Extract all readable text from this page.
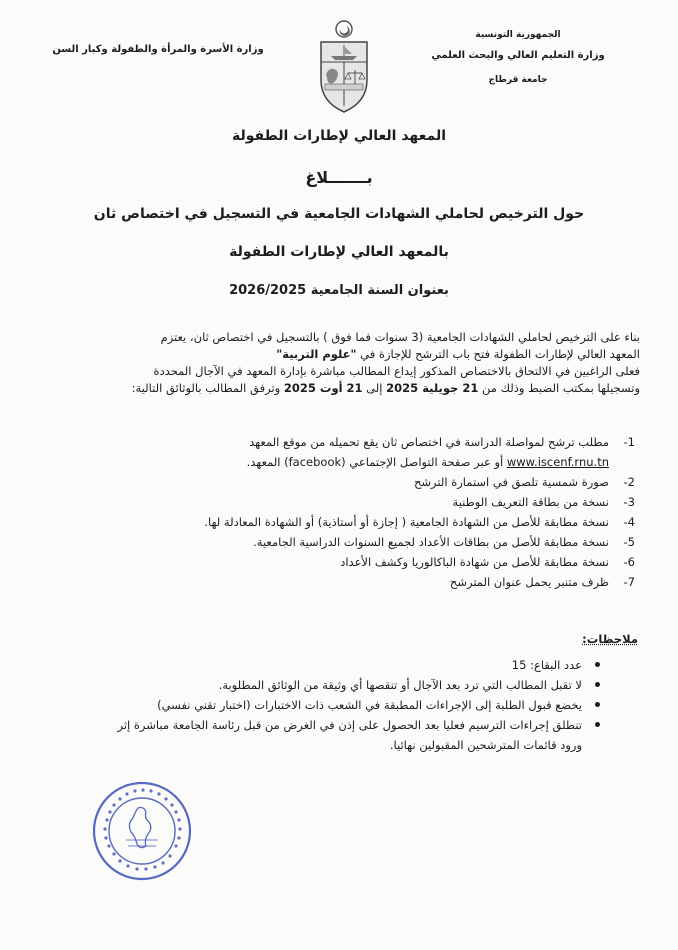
الجمهورية التونسية
وزارة التعليم العالي والبحث العلمي
جامعة قرطاج
وزارة الأسرة والمرأة والطفولة وكبار السن
المعهد العالي لإطارات الطفولة
بـــــــلاغ
حول الترخيص لحاملي الشهادات الجامعية في التسجيل في اختصاص ثان
بالمعهد العالي لإطارات الطفولة
بعنوان السنة الجامعية 2026/2025
بناء على الترخيص لحاملي الشهادات الجامعية (3 سنوات فما فوق ) بالتسجيل في اختصاص ثان، يعتزم
المعهد العالي لإطارات الطفولة فتح باب الترشح للإجازة في "علوم التربية"
فعلى الراغبين في الالتحاق بالاختصاص المذكور إيداع المطالب مباشرة بإدارة المعهد في الآجال المحددة
وتسجيلها بمكتب الضبط وذلك من 21 جويلية 2025 إلى 21 أوت 2025 وترفق المطالب بالوثائق التالية:
1-
مطلب ترشح لمواصلة الدراسة في اختصاص ثان يقع تحميله من موقع المعهد
www.iscenf.rnu.tn أو عبر صفحة التواصل الإجتماعي (facebook) المعهد.
2-
صورة شمسية تلصق في استمارة الترشح
3-
نسخة من بطاقة التعريف الوطنية
4-
نسخة مطابقة للأصل من الشهادة الجامعية ( إجازة أو أستاذية) أو الشهادة المعادلة لها.
5-
نسخة مطابقة للأصل من بطاقات الأعداد لجميع السنوات الدراسية الجامعية.
6-
نسخة مطابقة للأصل من شهادة الباكالوريا وكشف الأعداد
7-
ظرف متنبر يحمل عنوان المترشح
ملاحظات:
عدد البقاع: 15
لا تقبل المطالب التي ترد بعد الآجال أو تنقصها أي وثيقة من الوثائق المطلوبة.
يخضع قبول الطلبة إلى الإجراءات المطبقة في الشعب ذات الاختبارات (اختبار تقني نفسي)
تنطلق إجراءات الترسيم فعليا بعد الحصول على إذن في الغرض من قبل رئاسة الجامعة مباشرة إثر
ورود قائمات المترشحين المقبولين نهائيا.
